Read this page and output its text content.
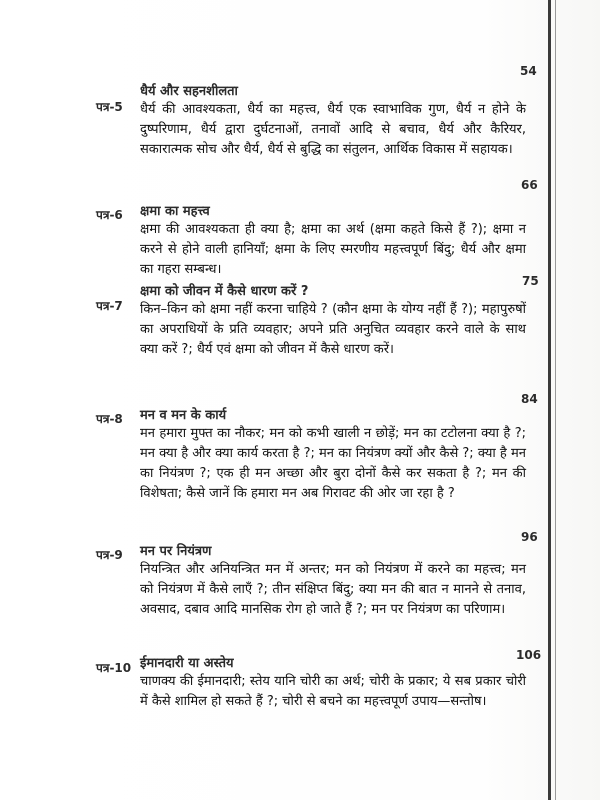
पत्र-5
धैर्य और सहनशीलता
धैर्य की आवश्यकता, धैर्य का महत्त्व, धैर्य एक स्वाभाविक गुण, धैर्य न होने के दुष्परिणाम, धैर्य द्वारा दुर्घटनाओं, तनावों आदि से बचाव, धैर्य और कैरियर, सकारात्मक सोच और धैर्य, धैर्य से बुद्धि का संतुलन, आर्थिक विकास में सहायक।
54
पत्र-6 क्षमा का महत्त्व
क्षमा की आवश्यकता ही क्या है; क्षमा का अर्थ (क्षमा कहते किसे हैं ?); क्षमा न करने से होने वाली हानियाँ; क्षमा के लिए स्मरणीय महत्त्वपूर्ण बिंदु; धैर्य और क्षमा का गहरा सम्बन्ध।
66
पत्र-7
क्षमा को जीवन में कैसे धारण करें ?
किन–किन को क्षमा नहीं करना चाहिये ? (कौन क्षमा के योग्य नहीं हैं ?); महापुरुषों का अपराधियों के प्रति व्यवहार; अपने प्रति अनुचित व्यवहार करने वाले के साथ क्या करें ?; धैर्य एवं क्षमा को जीवन में कैसे धारण करें।
75
पत्र-8 मन व मन के कार्य
मन हमारा मुफ्त का नौकर; मन को कभी खाली न छोड़ें; मन का टटोलना क्या है ?; मन क्या है और क्या कार्य करता है ?; मन का नियंत्रण क्यों और कैसे ?; क्या है मन का नियंत्रण ?; एक ही मन अच्छा और बुरा दोनों कैसे कर सकता है ?; मन की विशेषता; कैसे जानें कि हमारा मन अब गिरावट की ओर जा रहा है ?
84
पत्र-9 मन पर नियंत्रण
नियन्त्रित और अनियन्त्रित मन में अन्तर; मन को नियंत्रण में करने का महत्त्व; मन को नियंत्रण में कैसे लाएँ ?; तीन संक्षिप्त बिंदु; क्या मन की बात न मानने से तनाव, अवसाद, दबाव आदि मानसिक रोग हो जाते हैं ?; मन पर नियंत्रण का परिणाम।
96
पत्र-10 ईमानदारी या अस्तेय
चाणक्य की ईमानदारी; स्तेय यानि चोरी का अर्थ; चोरी के प्रकार; ये सब प्रकार चोरी में कैसे शामिल हो सकते हैं ?; चोरी से बचने का महत्त्वपूर्ण उपाय—सन्तोष।
106
